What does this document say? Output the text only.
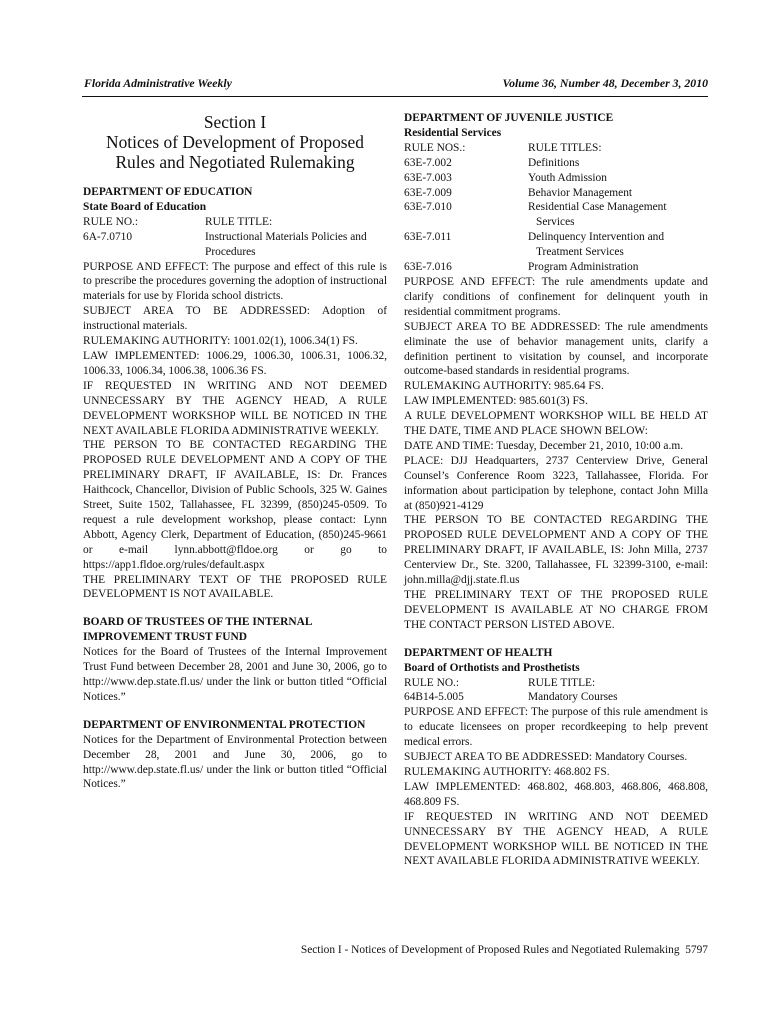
Florida Administrative Weekly	Volume 36, Number 48, December 3, 2010
Section I
Notices of Development of Proposed Rules and Negotiated Rulemaking
DEPARTMENT OF EDUCATION
State Board of Education
RULE NO.:	RULE TITLE:
6A-7.0710	Instructional Materials Policies and Procedures
PURPOSE AND EFFECT: The purpose and effect of this rule is to prescribe the procedures governing the adoption of instructional materials for use by Florida school districts.
SUBJECT AREA TO BE ADDRESSED: Adoption of instructional materials.
RULEMAKING AUTHORITY: 1001.02(1), 1006.34(1) FS.
LAW IMPLEMENTED: 1006.29, 1006.30, 1006.31, 1006.32, 1006.33, 1006.34, 1006.38, 1006.36 FS.
IF REQUESTED IN WRITING AND NOT DEEMED UNNECESSARY BY THE AGENCY HEAD, A RULE DEVELOPMENT WORKSHOP WILL BE NOTICED IN THE NEXT AVAILABLE FLORIDA ADMINISTRATIVE WEEKLY.
THE PERSON TO BE CONTACTED REGARDING THE PROPOSED RULE DEVELOPMENT AND A COPY OF THE PRELIMINARY DRAFT, IF AVAILABLE, IS: Dr. Frances Haithcock, Chancellor, Division of Public Schools, 325 W. Gaines Street, Suite 1502, Tallahassee, FL 32399, (850)245-0509. To request a rule development workshop, please contact: Lynn Abbott, Agency Clerk, Department of Education, (850)245-9661 or e-mail lynn.abbott@fldoe.org or go to https://app1.fldoe.org/rules/default.aspx
THE PRELIMINARY TEXT OF THE PROPOSED RULE DEVELOPMENT IS NOT AVAILABLE.
BOARD OF TRUSTEES OF THE INTERNAL IMPROVEMENT TRUST FUND
Notices for the Board of Trustees of the Internal Improvement Trust Fund between December 28, 2001 and June 30, 2006, go to http://www.dep.state.fl.us/ under the link or button titled “Official Notices.”
DEPARTMENT OF ENVIRONMENTAL PROTECTION
Notices for the Department of Environmental Protection between December 28, 2001 and June 30, 2006, go to http://www.dep.state.fl.us/ under the link or button titled “Official Notices.”
DEPARTMENT OF JUVENILE JUSTICE
Residential Services
RULE NOS.:	RULE TITLES:
63E-7.002	Definitions
63E-7.003	Youth Admission
63E-7.009	Behavior Management
63E-7.010	Residential Case Management
Services
63E-7.011	Delinquency Intervention and
Treatment Services
63E-7.016	Program Administration
PURPOSE AND EFFECT: The rule amendments update and clarify conditions of confinement for delinquent youth in residential commitment programs.
SUBJECT AREA TO BE ADDRESSED: The rule amendments eliminate the use of behavior management units, clarify a definition pertinent to visitation by counsel, and incorporate outcome-based standards in residential programs.
RULEMAKING AUTHORITY: 985.64 FS.
LAW IMPLEMENTED: 985.601(3) FS.
A RULE DEVELOPMENT WORKSHOP WILL BE HELD AT THE DATE, TIME AND PLACE SHOWN BELOW:
DATE AND TIME: Tuesday, December 21, 2010, 10:00 a.m.
PLACE: DJJ Headquarters, 2737 Centerview Drive, General Counsel’s Conference Room 3223, Tallahassee, Florida. For information about participation by telephone, contact John Milla at (850)921-4129
THE PERSON TO BE CONTACTED REGARDING THE PROPOSED RULE DEVELOPMENT AND A COPY OF THE PRELIMINARY DRAFT, IF AVAILABLE, IS: John Milla, 2737 Centerview Dr., Ste. 3200, Tallahassee, FL 32399-3100, e-mail: john.milla@djj.state.fl.us
THE PRELIMINARY TEXT OF THE PROPOSED RULE DEVELOPMENT IS AVAILABLE AT NO CHARGE FROM THE CONTACT PERSON LISTED ABOVE.
DEPARTMENT OF HEALTH
Board of Orthotists and Prosthetists
RULE NO.:	RULE TITLE:
64B14-5.005	Mandatory Courses
PURPOSE AND EFFECT: The purpose of this rule amendment is to educate licensees on proper recordkeeping to help prevent medical errors.
SUBJECT AREA TO BE ADDRESSED: Mandatory Courses.
RULEMAKING AUTHORITY: 468.802 FS.
LAW IMPLEMENTED: 468.802, 468.803, 468.806, 468.808, 468.809 FS.
IF REQUESTED IN WRITING AND NOT DEEMED UNNECESSARY BY THE AGENCY HEAD, A RULE DEVELOPMENT WORKSHOP WILL BE NOTICED IN THE NEXT AVAILABLE FLORIDA ADMINISTRATIVE WEEKLY.
Section I - Notices of Development of Proposed Rules and Negotiated Rulemaking 5797
